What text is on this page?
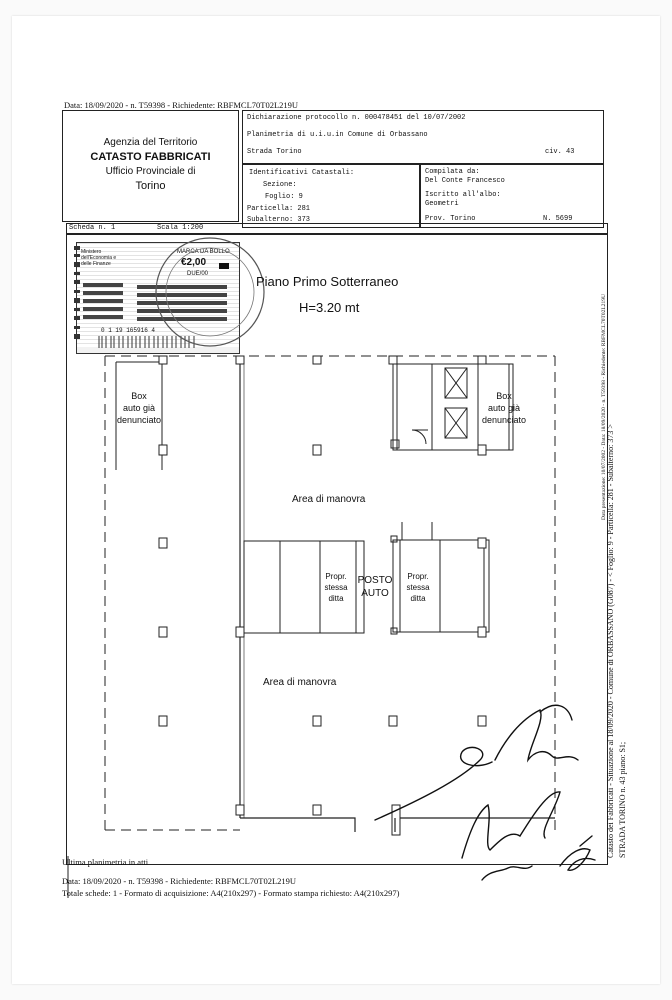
Data: 18/09/2020 - n. T59398 - Richiedente: RBFMCL70T02L219U
Agenzia del Territorio
CATASTO FABBRICATI
Ufficio Provinciale di
Torino
Dichiarazione protocollo n. 000478451 del 10/07/2002
Planimetria di u.i.u.in Comune di Orbassano
Strada Torino	civ. 43
Identificativi Catastali:
Sezione:
Foglio: 9
Particella: 281
Subalterno: 373
Compilata da:
Del Conte Francesco
Iscritto all'albo:
Geometri
Prov. Torino	N. 5699
Scheda n. 1	Scala 1:200
Ministero dell'Economia e delle Finanze
MARCA DA BOLLO
€2,00
DUE/00
0 1 19 165916 4
Piano Primo Sotterraneo
H=3.20 mt
Box
auto già
denunciato
Box
auto già
denunciato
Area di manovra
Area di manovra
Propr.
stessa
ditta
POSTO
AUTO
Propr.
stessa
ditta
Data presentazione: 10/07/2002 - Data: 18/09/2020 - n. T59398 - Richiedente: RBFMCL70T02L219U
Catasto dei Fabbricati - Situazione al 18/09/2020 - Comune di ORBASSANO (G087) - < Foglio: 9 - Particella: 281 - Subalterno: 373 > STRADA TORINO n. 43 piano: S1;
Ultima planimetria in atti
Data: 18/09/2020 - n. T59398 - Richiedente: RBFMCL70T02L219U
Totale schede: 1 - Formato di acquisizione: A4(210x297) - Formato stampa richiesto: A4(210x297)
